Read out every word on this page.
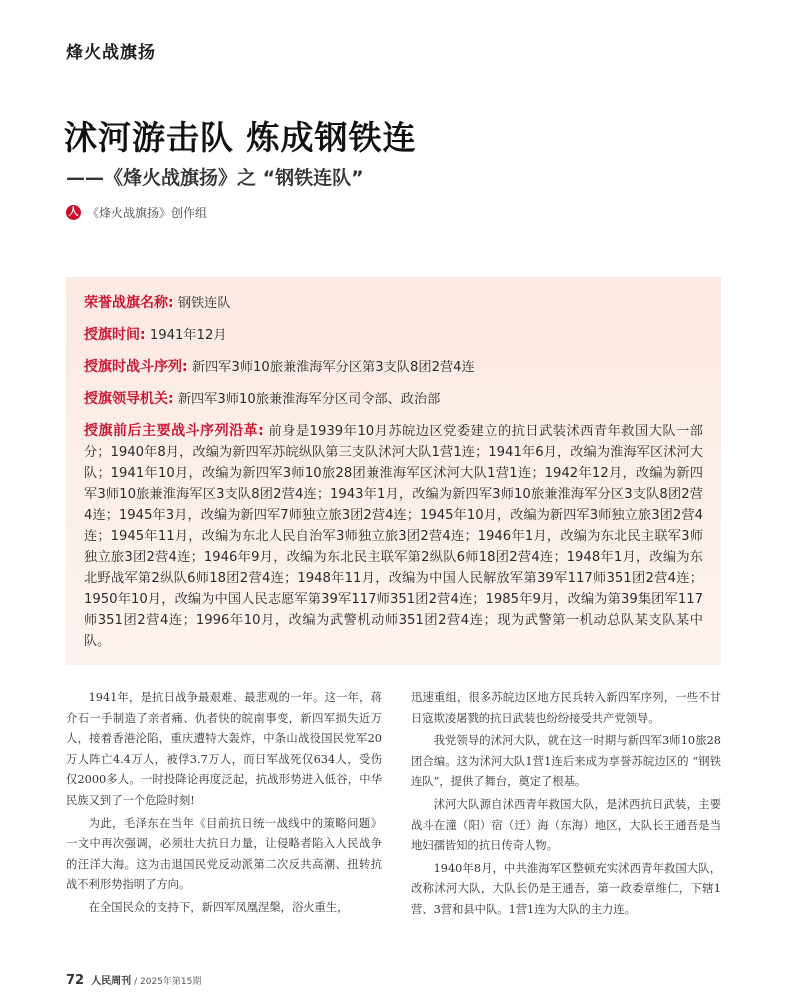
烽火战旗扬
沭河游击队 炼成钢铁连
——《烽火战旗扬》之 “钢铁连队”
人 《烽火战旗扬》创作组
荣誉战旗名称: 钢铁连队
授旗时间: 1941年12月
授旗时战斗序列: 新四军3师10旅兼淮海军分区第3支队8团2营4连
授旗领导机关: 新四军3师10旅兼淮海军分区司令部、政治部
授旗前后主要战斗序列沿革: 前身是1939年10月苏皖边区党委建立的抗日武装沭西青年救国大队一部分；1940年8月，改编为新四军苏皖纵队第三支队沭河大队1营1连；1941年6月，改编为淮海军区沭河大队；1941年10月，改编为新四军3师10旅28团兼淮海军区沭河大队1营1连；1942年12月，改编为新四军3师10旅兼淮海军区3支队8团2营4连；1943年1月，改编为新四军3师10旅兼淮海军分区3支队8团2营4连；1945年3月，改编为新四军7师独立旅3团2营4连；1945年10月，改编为新四军3师独立旅3团2营4连；1945年11月，改编为东北人民自治军3师独立旅3团2营4连；1946年1月，改编为东北民主联军3师独立旅3团2营4连；1946年9月，改编为东北民主联军第2纵队6师18团2营4连；1948年1月，改编为东北野战军第2纵队6师18团2营4连；1948年11月，改编为中国人民解放军第39军117师351团2营4连；1950年10月，改编为中国人民志愿军第39军117师351团2营4连；1985年9月，改编为第39集团军117师351团2营4连；1996年10月，改编为武警机动师351团2营4连；现为武警第一机动总队某支队某中队。

1941年，是抗日战争最艰难、最悲观的一年。这一年，蒋介石一手制造了亲者痛、仇者快的皖南事变，新四军损失近万人，接着香港沦陷，重庆遭特大轰炸，中条山战役国民党军20万人阵亡4.4万人，被俘3.7万人，而日军战死仅634人，受伤仅2000多人。一时投降论再度泛起，抗战形势进入低谷，中华民族又到了一个危险时刻!

为此，毛泽东在当年《目前抗日统一战线中的策略问题》一文中再次强调，必须壮大抗日力量，让侵略者陷入人民战争的汪洋大海。这为击退国民党反动派第二次反共高潮、扭转抗战不利形势指明了方向。

在全国民众的支持下，新四军凤凰涅槃，浴火重生，

迅速重组，很多苏皖边区地方民兵转入新四军序列，一些不甘日寇欺凌屠戮的抗日武装也纷纷接受共产党领导。

我党领导的沭河大队，就在这一时期与新四军3师10旅28团合编。这为沭河大队1营1连后来成为享誉苏皖边区的 “钢铁连队”，提供了舞台，奠定了根基。

沭河大队源自沭西青年救国大队，是沭西抗日武装，主要战斗在潼（阳）宿（迁）海（东海）地区，大队长王通吾是当地妇孺皆知的抗日传奇人物。

1940年8月，中共淮海军区整顿充实沭西青年救国大队，改称沭河大队，大队长仍是王通吾，第一政委章维仁，下辖1营、3营和县中队。1营1连为大队的主力连。

72 人民周刊 / 2025年第15期
